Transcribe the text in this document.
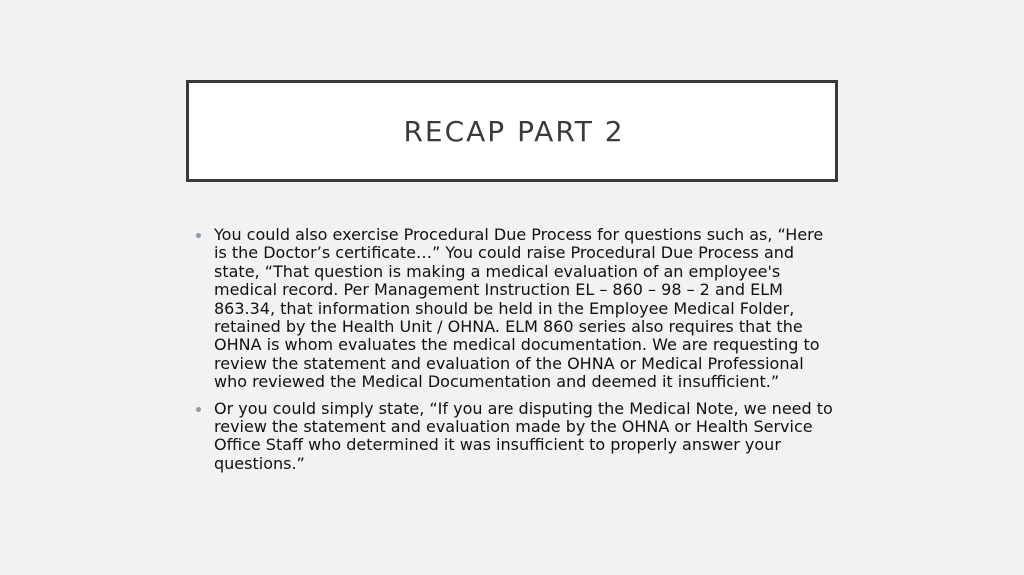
RECAP PART 2
You could also exercise Procedural Due Process for questions such as, “Here is the Doctor’s certificate…” You could raise Procedural Due Process and state, “That question is making a medical evaluation of an employee's medical record. Per Management Instruction EL – 860 – 98 – 2 and ELM 863.34, that information should be held in the Employee Medical Folder, retained by the Health Unit / OHNA. ELM 860 series also requires that the OHNA is whom evaluates the medical documentation. We are requesting to review the statement and evaluation of the OHNA or Medical Professional who reviewed the Medical Documentation and deemed it insufficient.”
Or you could simply state, “If you are disputing the Medical Note, we need to review the statement and evaluation made by the OHNA or Health Service Office Staff who determined it was insufficient to properly answer your questions.”
